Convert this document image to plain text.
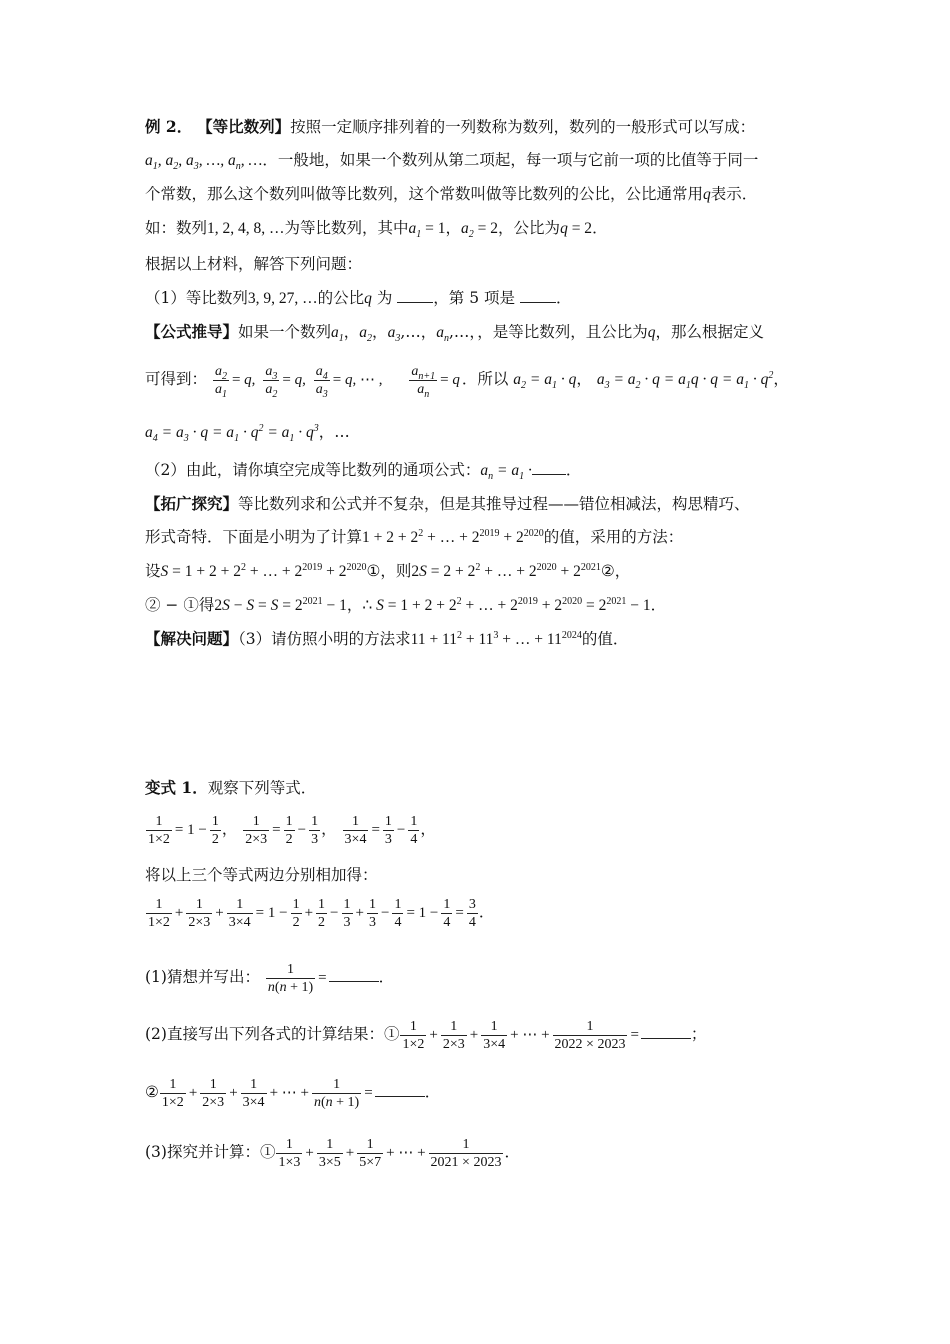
例 2． 【等比数列】按照一定顺序排列着的一列数称为数列，数列的一般形式可以写成：
$a_1$, $a_2$, $a_3$, …, $a_n$, …．一般地，如果一个数列从第二项起，每一项与它前一项的比值等于同一
个常数，那么这个数列叫做等比数列，这个常数叫做等比数列的公比，公比通常用q表示．
如：数列1, 2, 4, 8, …为等比数列，其中$a_1 = 1$，$a_2 = 2$，公比为q = 2．
根据以上材料，解答下列问题：
（1）等比数列3, 9, 27, …的公比q 为	，第 5 项是	．
【公式推导】如果一个数列$a_1$，$a_2$，$a_3,\dots$，$a_n,\dots$，，是等比数列，且公比为q，那么根据定义
可得到： $\frac{a_2}{a_1} = q$, $\frac{a_3}{a_2} = q$, $\frac{a_4}{a_3} = q$, ⋯ , $\frac{a_{n+1}}{a_n} = q$ ．所以 $a_2 = a_1 \cdot q$， $a_3 = a_2 \cdot q = a_1q \cdot q = a_1 \cdot q^2$，
$a_4 = a_3 \cdot q = a_1 \cdot q^2 = a_1 \cdot q^3$，…
（2）由此，请你填空完成等比数列的通项公式：$a_n = a_1$ · ．
【拓广探究】等比数列求和公式并不复杂，但是其推导过程——错位相减法，构思精巧、
形式奇特．下面是小明为了计算$1 + 2 + 2^2$ + … + $2^{2019} + 2^{2020}$的值，采用的方法：
设$S = 1 + 2 + 2^2$ + … + $2^{2019}$ + $2^{2020}①$，则$2S = 2 + 2^2$ + … + $2^{2020}$ + $2^{2021}②$，
② − ①得$2S - S = S = 2^{2021} - 1$，∴ $S = 1 + 2 + 2^2$ + … + $2^{2019} + 2^{2020} = 2^{2021} - 1$．
【解决问题】（3）请仿照小明的方法求$11 + 11^2 + 11^3$ + … + $11^{2024}$的值．
变式 1．观察下列等式．
$\frac{1}{1\times 2} = 1 - \frac{1}{2}$ ， $\frac{1}{2\times 3} = \frac{1}{2} - \frac{1}{3}$ ， $\frac{1}{3\times 4} = \frac{1}{3} - \frac{1}{4}$ ，
将以上三个等式两边分别相加得：
$\frac{1}{1\times 2} + \frac{1}{2\times 3} + \frac{1}{3\times 4} = 1 - \frac{1}{2} + \frac{1}{2} - \frac{1}{3} + \frac{1}{3} - \frac{1}{4} = 1 - \frac{1}{4} = \frac{3}{4}$ ．
(1)猜想并写出： $\frac{1}{n(n + 1)}$ =	．
(2)直接写出下列各式的计算结果：① $\frac{1}{1\times 2} + \frac{1}{2\times 3} + \frac{1}{3\times 4}$ + ⋯ + $\frac{1}{2022 \times 2023}$ =	；
② $\frac{1}{1\times 2} + \frac{1}{2\times 3} + \frac{1}{3\times 4}$ + ⋯ + $\frac{1}{n(n + 1)}$ =	．
(3)探究并计算：① $\frac{1}{1\times 3} + \frac{1}{3\times 5} + \frac{1}{5\times 7}$ + ⋯ + $\frac{1}{2021 \times 2023}$ ．
